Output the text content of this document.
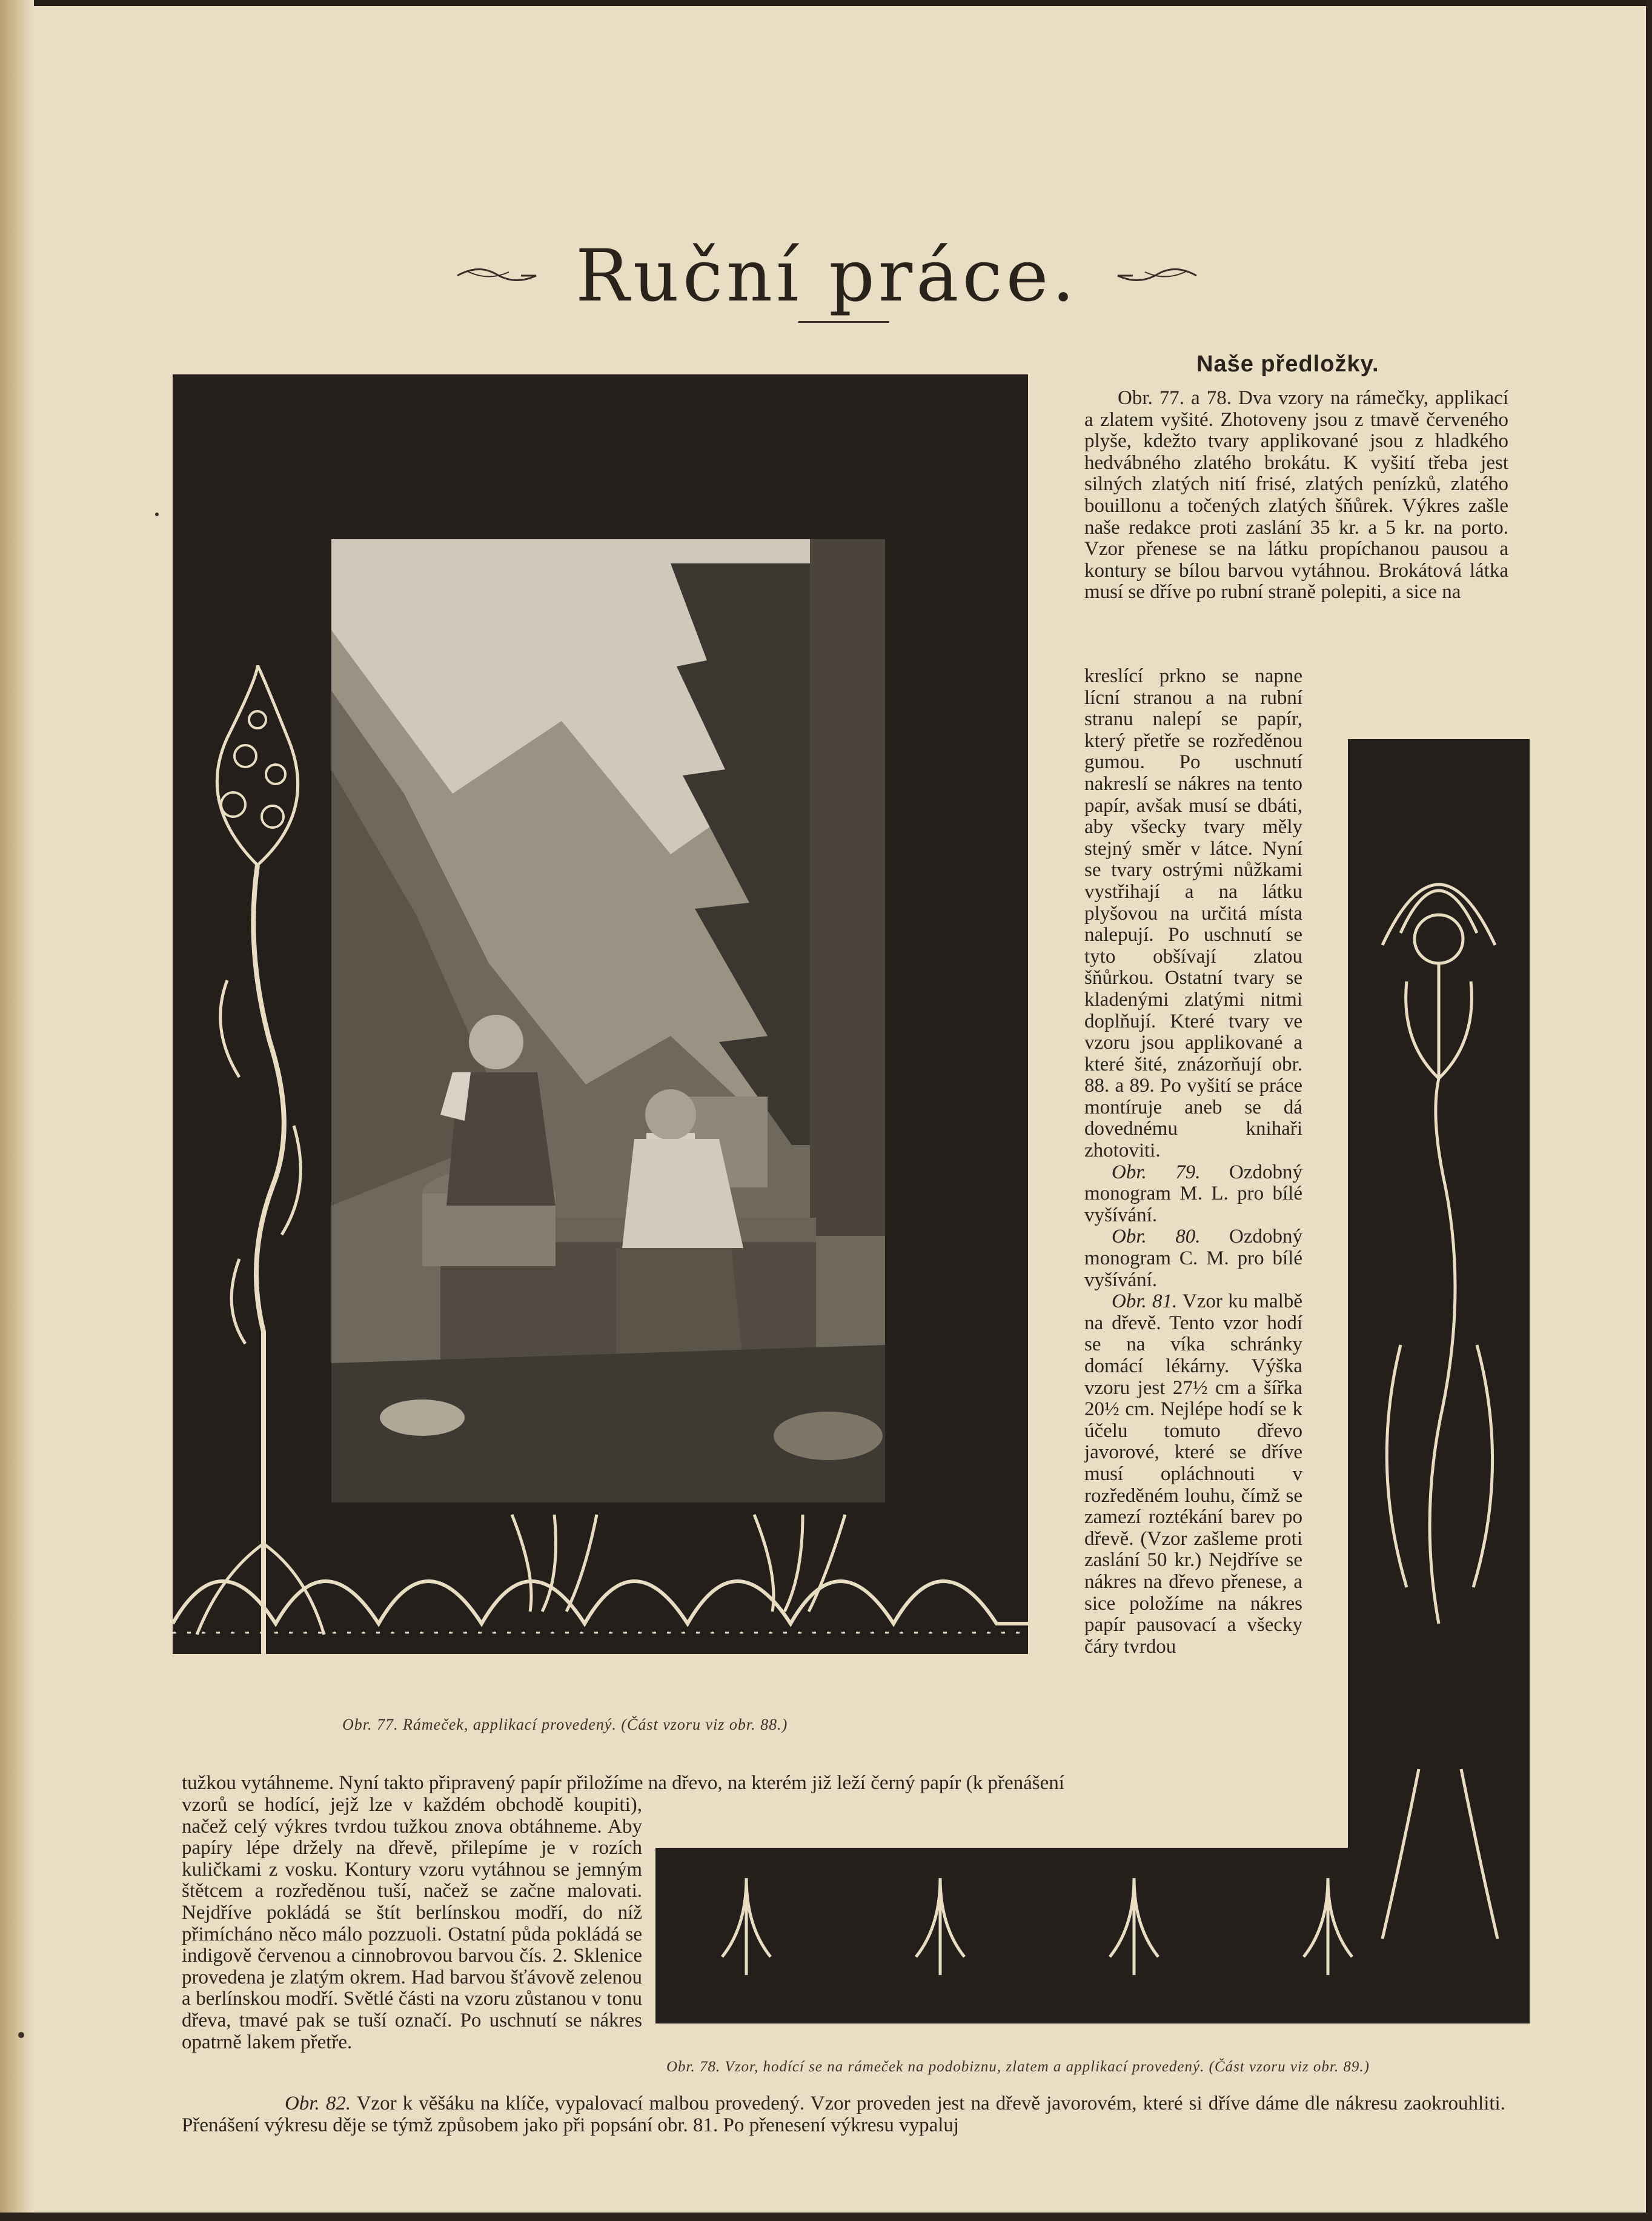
Ruční práce.
Obr. 77. Rámeček, applikací provedený. (Část vzoru viz obr. 88.)
Obr. 78. Vzor, hodící se na rámeček na podobiznu, zlatem a applikací provedený. (Část vzoru viz obr. 89.)
Naše předložky.
Obr. 77. a 78. Dva vzory na rámečky, applikací a zlatem vyšité. Zhotoveny jsou z tmavě červeného plyše, kdežto tvary applikované jsou z hladkého hedvábného zlatého brokátu. K vyšití třeba jest silných zlatých nití frisé, zlatých penízků, zlatého bouillonu a točených zlatých šňůrek. Výkres zašle naše redakce proti zaslání 35 kr. a 5 kr. na porto. Vzor přenese se na látku propíchanou pausou a kontury se bílou barvou vytáhnou. Brokátová látka musí se dříve po rubní straně polepiti, a sice na

kreslící prkno se napne lícní stranou a na rubní stranu nalepí se papír, který přetře se rozředěnou gumou. Po uschnutí nakreslí se nákres na tento papír, avšak musí se dbáti, aby všecky tvary měly stejný směr v látce. Nyní se tvary ostrými nůžkami vystřihají a na látku plyšovou na určitá místa nalepují. Po uschnutí se tyto obšívají zlatou šňůrkou. Ostatní tvary se kladenými zlatými nitmi doplňují. Které tvary ve vzoru jsou applikované a které šité, znázorňují obr. 88. a 89. Po vyšití se práce montíruje aneb se dá dovednému knihaři zhotoviti.

Obr. 79. Ozdobný monogram M. L. pro bílé vyšívání.

Obr. 80. Ozdobný monogram C. M. pro bílé vyšívání.

Obr. 81. Vzor ku malbě na dřevě. Tento vzor hodí se na víka schránky domácí lékárny. Výška vzoru jest 27½ cm a šířka 20½ cm. Nejlépe hodí se k účelu tomuto dřevo javorové, které se dříve musí opláchnouti v rozředěném louhu, čímž se zamezí roztékání barev po dřevě. (Vzor zašleme proti zaslání 50 kr.) Nejdříve se nákres na dřevo přenese, a sice položíme na nákres papír pausovací a všecky čáry tvrdou

tužkou vytáhneme. Nyní takto připravený papír přiložíme na dřevo, na kterém již leží černý papír (k přenášení
vzorů se hodící, jejž lze v každém obchodě koupiti), načež celý výkres tvrdou tužkou znova obtáhneme. Aby papíry lépe držely na dřevě, přilepíme je v rozích kuličkami z vosku. Kontury vzoru vytáhnou se jemným štětcem a rozředěnou tuší, načež se začne malovati. Nejdříve pokládá se štít berlínskou modří, do níž přimícháno něco málo pozzuoli. Ostatní půda pokládá se indigově červenou a cinnobrovou barvou čís. 2. Sklenice provedena je zlatým okrem. Had barvou šťávově zelenou a berlínskou modří. Světlé části na vzoru zůstanou v tonu dřeva, tmavé pak se tuší označí. Po uschnutí se nákres opatrně lakem přetře.
Obr. 82. Vzor k věšáku na klíče, vypalovací malbou provedený. Vzor proveden jest na dřevě javorovém, které si dříve dáme dle nákresu zaokrouhliti. Přenášení výkresu děje se týmž způsobem jako při popsání obr. 81. Po přenesení výkresu vypaluj
